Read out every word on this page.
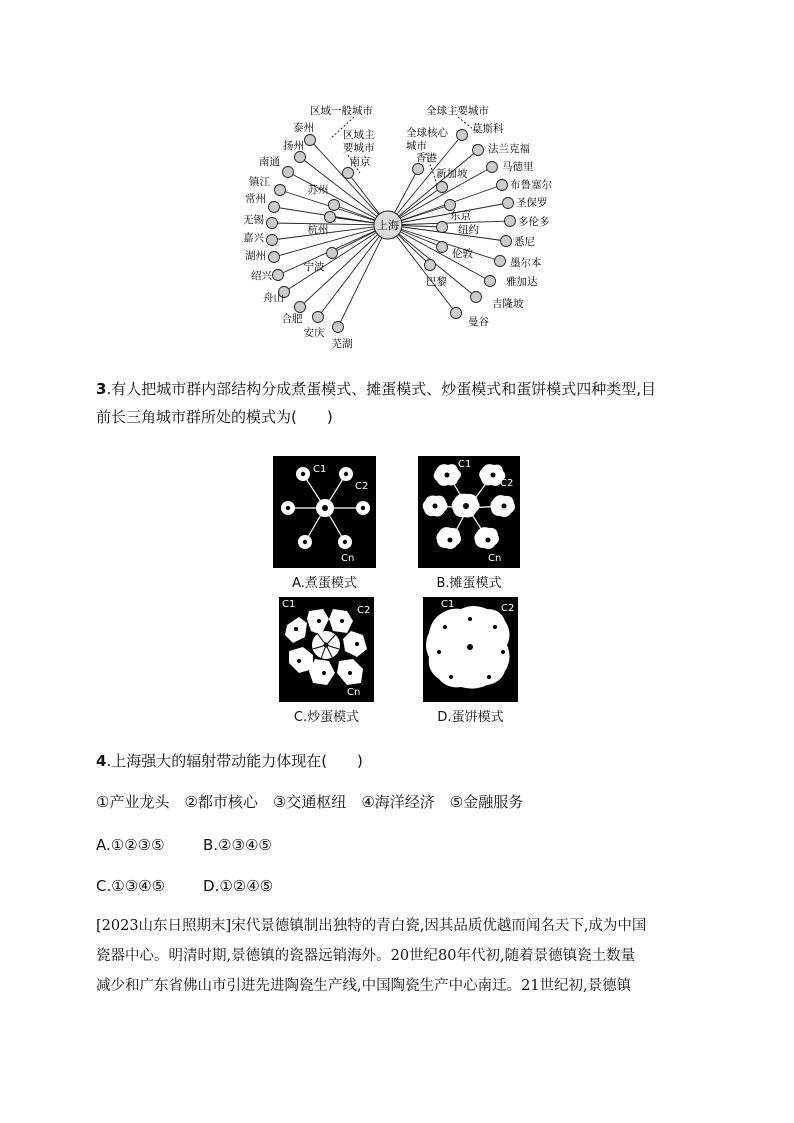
上海
区域一般城市
区域主
要城市
全球主要城市
全球核心
城市
泰州
扬州
南通
镇江
常州
无锡
嘉兴
湖州
绍兴
舟山
合肥
安庆
芜湖
南京
苏州
杭州
宁波
莫斯科
法兰克福
马德里
布鲁塞尔
圣保罗
多伦多
悉尼
墨尔本
雅加达
吉隆坡
曼谷
香港
新加坡
东京
纽约
伦敦
巴黎
3.有人把城市群内部结构分成煮蛋模式、摊蛋模式、炒蛋模式和蛋饼模式四种类型,目
前长三角城市群所处的模式为(　　)
C1
C2
Cn
A.煮蛋模式
C1
C2
Cn
B.摊蛋模式
C1
C2
Cn
C.炒蛋模式
C1	C2
Cn
D.蛋饼模式
4.上海强大的辐射带动能力体现在(　　)
①产业龙头　②都市核心　③交通枢纽　④海洋经济　⑤金融服务
A.①②③⑤	B.②③④⑤
C.①③④⑤	D.①②④⑤
[2023山东日照期末]宋代景德镇制出独特的青白瓷,因其品质优越而闻名天下,成为中国
瓷器中心。明清时期,景德镇的瓷器远销海外。20世纪80年代初,随着景德镇瓷土数量
减少和广东省佛山市引进先进陶瓷生产线,中国陶瓷生产中心南迁。21世纪初,景德镇
